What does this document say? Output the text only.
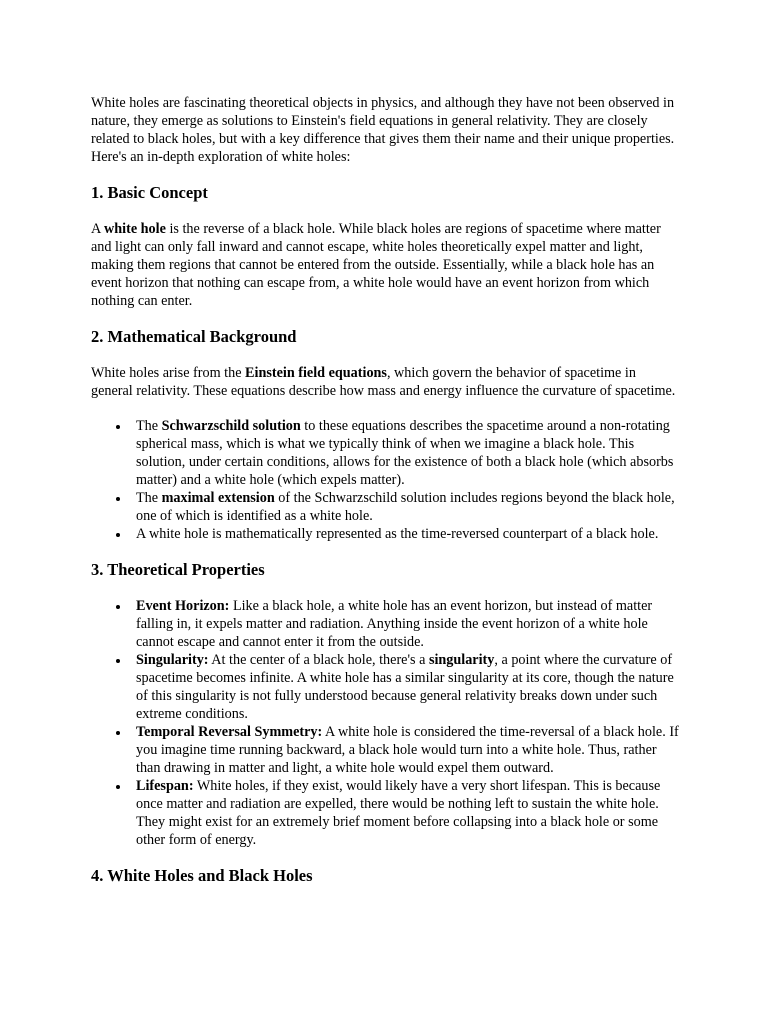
White holes are fascinating theoretical objects in physics, and although they have not been observed in nature, they emerge as solutions to Einstein's field equations in general relativity. They are closely related to black holes, but with a key difference that gives them their name and their unique properties. Here's an in-depth exploration of white holes:

1. Basic Concept

A white hole is the reverse of a black hole. While black holes are regions of spacetime where matter and light can only fall inward and cannot escape, white holes theoretically expel matter and light, making them regions that cannot be entered from the outside. Essentially, while a black hole has an event horizon that nothing can escape from, a white hole would have an event horizon from which nothing can enter.

2. Mathematical Background

White holes arise from the Einstein field equations, which govern the behavior of spacetime in general relativity. These equations describe how mass and energy influence the curvature of spacetime.

The Schwarzschild solution to these equations describes the spacetime around a non-rotating spherical mass, which is what we typically think of when we imagine a black hole. This solution, under certain conditions, allows for the existence of both a black hole (which absorbs matter) and a white hole (which expels matter).
The maximal extension of the Schwarzschild solution includes regions beyond the black hole, one of which is identified as a white hole.
A white hole is mathematically represented as the time-reversed counterpart of a black hole.
3. Theoretical Properties
Event Horizon: Like a black hole, a white hole has an event horizon, but instead of matter falling in, it expels matter and radiation. Anything inside the event horizon of a white hole cannot escape and cannot enter it from the outside.
Singularity: At the center of a black hole, there's a singularity, a point where the curvature of spacetime becomes infinite. A white hole has a similar singularity at its core, though the nature of this singularity is not fully understood because general relativity breaks down under such extreme conditions.
Temporal Reversal Symmetry: A white hole is considered the time-reversal of a black hole. If you imagine time running backward, a black hole would turn into a white hole. Thus, rather than drawing in matter and light, a white hole would expel them outward.
Lifespan: White holes, if they exist, would likely have a very short lifespan. This is because once matter and radiation are expelled, there would be nothing left to sustain the white hole. They might exist for an extremely brief moment before collapsing into a black hole or some other form of energy.
4. White Holes and Black Holes
